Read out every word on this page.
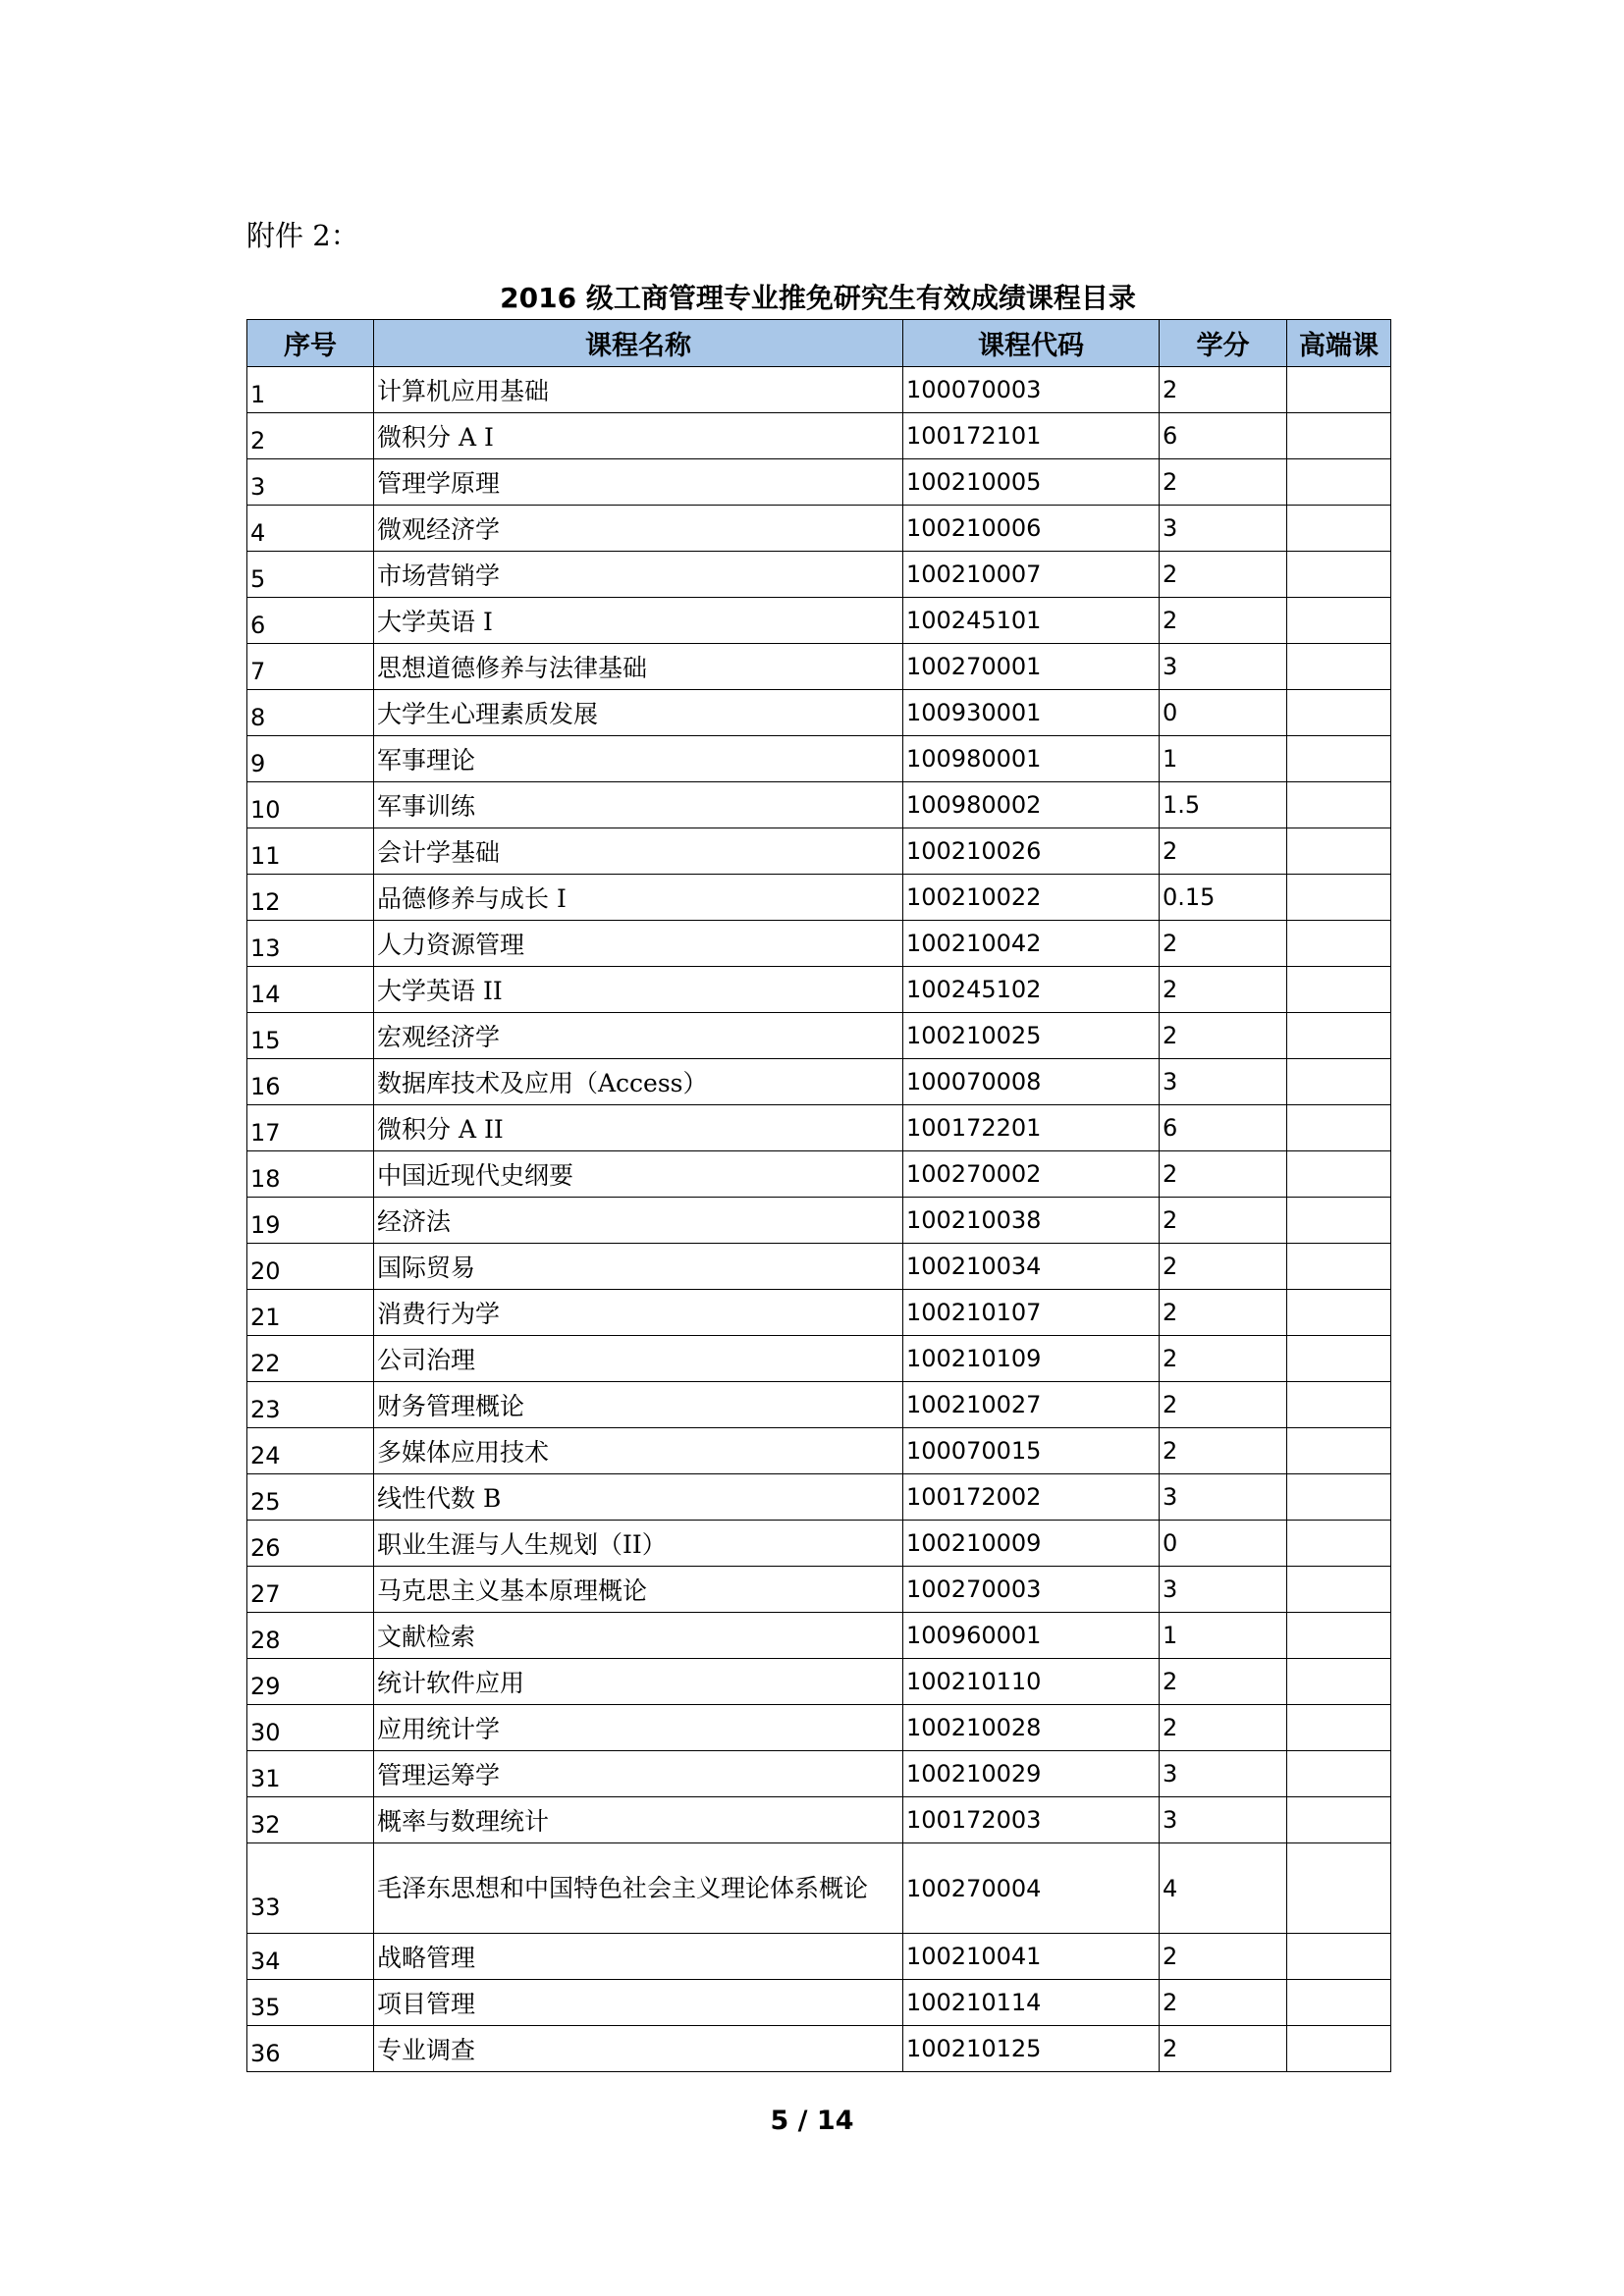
附件 2：
2016 级工商管理专业推免研究生有效成绩课程目录
序号	课程名称	课程代码	学分	高端课
1	计算机应用基础	100070003	2	
2	微积分 A I	100172101	6	
3	管理学原理	100210005	2	
4	微观经济学	100210006	3	
5	市场营销学	100210007	2	
6	大学英语 I	100245101	2	
7	思想道德修养与法律基础	100270001	3	
8	大学生心理素质发展	100930001	0	
9	军事理论	100980001	1	
10	军事训练	100980002	1.5	
11	会计学基础	100210026	2	
12	品德修养与成长 I	100210022	0.15	
13	人力资源管理	100210042	2	
14	大学英语 II	100245102	2	
15	宏观经济学	100210025	2	
16	数据库技术及应用（Access）	100070008	3	
17	微积分 A II	100172201	6	
18	中国近现代史纲要	100270002	2	
19	经济法	100210038	2	
20	国际贸易	100210034	2	
21	消费行为学	100210107	2	
22	公司治理	100210109	2	
23	财务管理概论	100210027	2	
24	多媒体应用技术	100070015	2	
25	线性代数 B	100172002	3	
26	职业生涯与人生规划（II）	100210009	0	
27	马克思主义基本原理概论	100270003	3	
28	文献检索	100960001	1	
29	统计软件应用	100210110	2	
30	应用统计学	100210028	2	
31	管理运筹学	100210029	3	
32	概率与数理统计	100172003	3	
33	毛泽东思想和中国特色社会主义理论体系概论	100270004	4	
34	战略管理	100210041	2	
35	项目管理	100210114	2	
36	专业调查	100210125	2	
5 / 14
